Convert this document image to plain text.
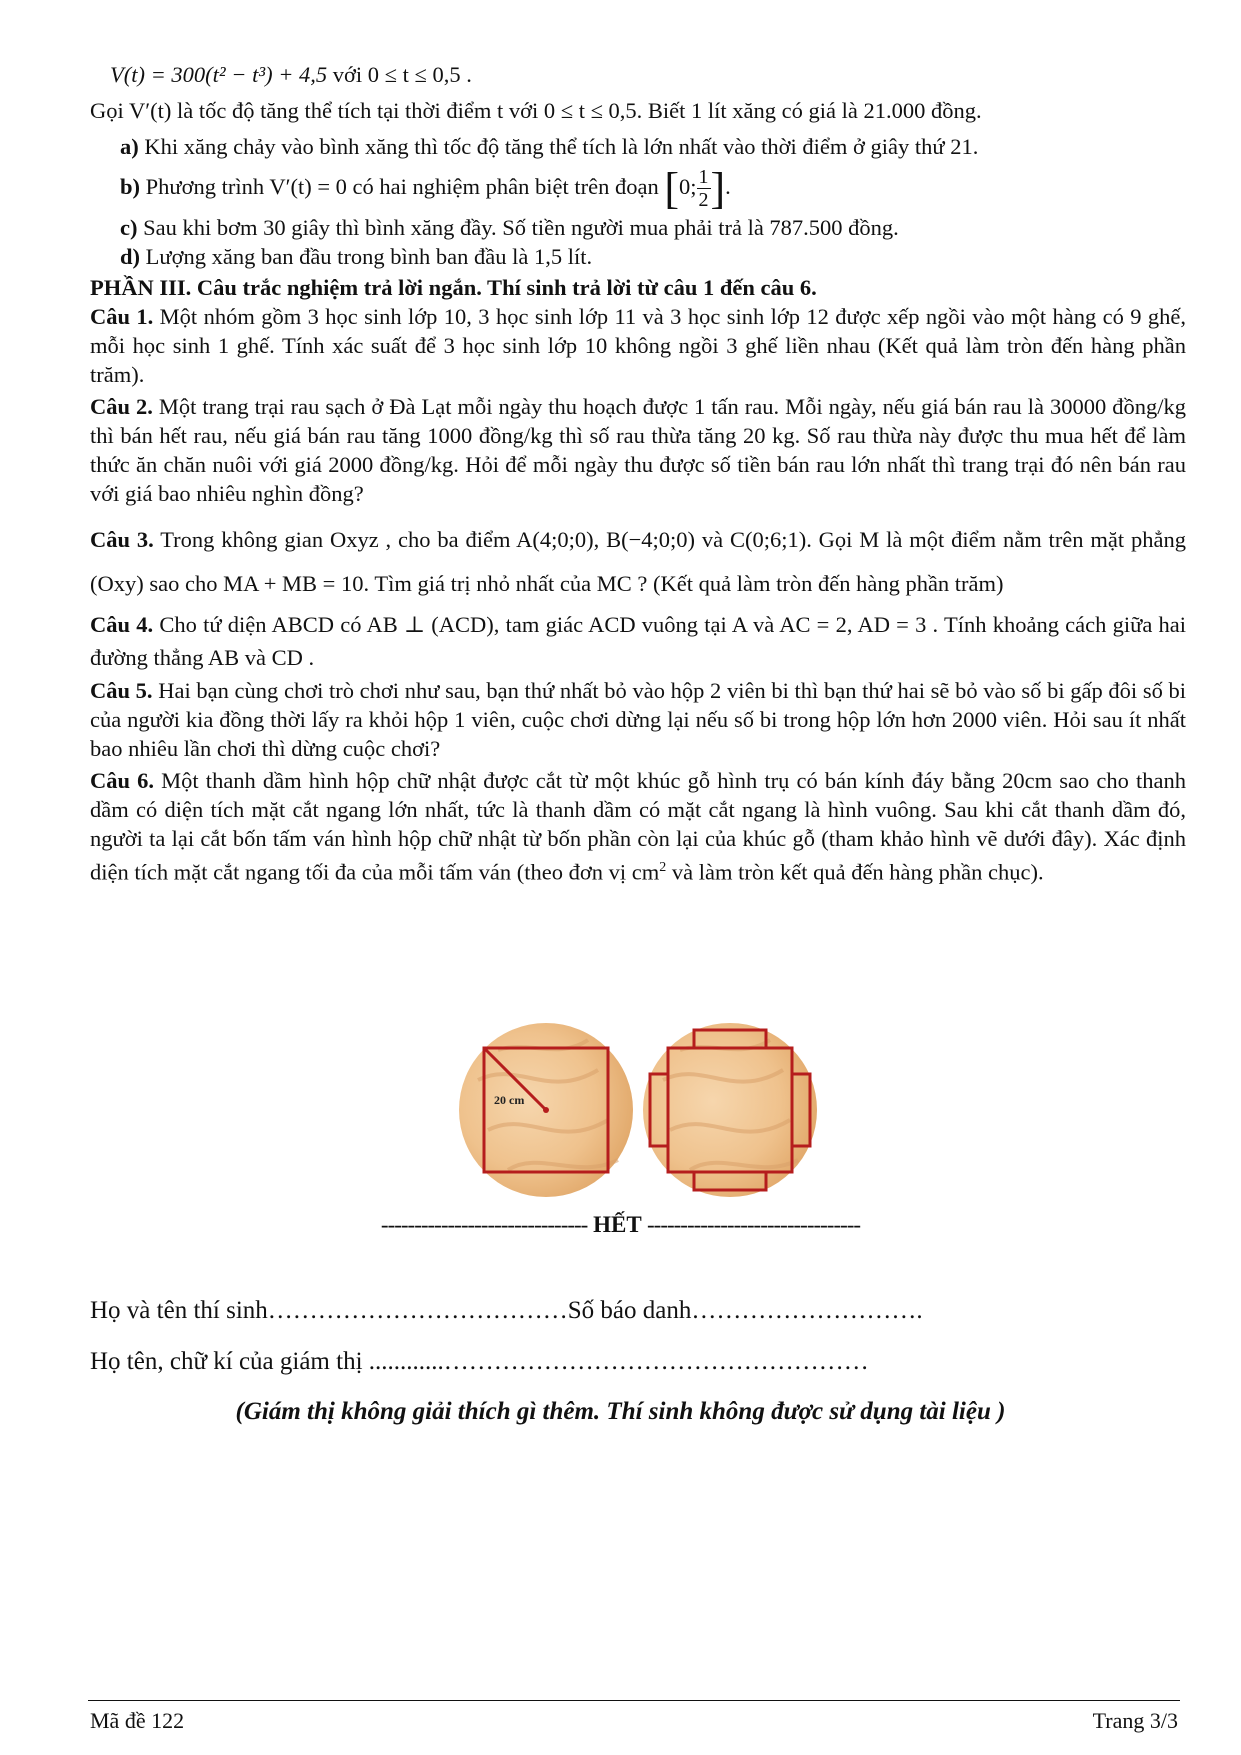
V(t) = 300(t² − t³) + 4,5 với 0 ≤ t ≤ 0,5 .
Gọi V′(t) là tốc độ tăng thể tích tại thời điểm t với 0 ≤ t ≤ 0,5. Biết 1 lít xăng có giá là 21.000 đồng.
a) Khi xăng chảy vào bình xăng thì tốc độ tăng thể tích là lớn nhất vào thời điểm ở giây thứ 21.
b) Phương trình V′(t) = 0 có hai nghiệm phân biệt trên đoạn [0; $\frac{1}{2}$ ].
c) Sau khi bơm 30 giây thì bình xăng đầy. Số tiền người mua phải trả là 787.500 đồng.
d) Lượng xăng ban đầu trong bình ban đầu là 1,5 lít.
PHẦN III. Câu trắc nghiệm trả lời ngắn. Thí sinh trả lời từ câu 1 đến câu 6.
Câu 1. Một nhóm gồm 3 học sinh lớp 10, 3 học sinh lớp 11 và 3 học sinh lớp 12 được xếp ngồi vào một hàng có 9 ghế, mỗi học sinh 1 ghế. Tính xác suất để 3 học sinh lớp 10 không ngồi 3 ghế liền nhau (Kết quả làm tròn đến hàng phần trăm).
Câu 2. Một trang trại rau sạch ở Đà Lạt mỗi ngày thu hoạch được 1 tấn rau. Mỗi ngày, nếu giá bán rau là 30000 đồng/kg thì bán hết rau, nếu giá bán rau tăng 1000 đồng/kg thì số rau thừa tăng 20 kg. Số rau thừa này được thu mua hết để làm thức ăn chăn nuôi với giá 2000 đồng/kg. Hỏi để mỗi ngày thu được số tiền bán rau lớn nhất thì trang trại đó nên bán rau với giá bao nhiêu nghìn đồng?
Câu 3. Trong không gian Oxyz , cho ba điểm A(4;0;0), B(−4;0;0) và C(0;6;1). Gọi M là một điểm nằm trên mặt phẳng (Oxy) sao cho MA + MB = 10. Tìm giá trị nhỏ nhất của MC ? (Kết quả làm tròn đến hàng phần trăm)
Câu 4. Cho tứ diện ABCD có AB ⊥ (ACD), tam giác ACD vuông tại A và AC = 2, AD = 3 . Tính khoảng cách giữa hai đường thẳng AB và CD .
Câu 5. Hai bạn cùng chơi trò chơi như sau, bạn thứ nhất bỏ vào hộp 2 viên bi thì bạn thứ hai sẽ bỏ vào số bi gấp đôi số bi của người kia đồng thời lấy ra khỏi hộp 1 viên, cuộc chơi dừng lại nếu số bi trong hộp lớn hơn 2000 viên. Hỏi sau ít nhất bao nhiêu lần chơi thì dừng cuộc chơi?
Câu 6. Một thanh dầm hình hộp chữ nhật được cắt từ một khúc gỗ hình trụ có bán kính đáy bằng 20cm sao cho thanh dầm có diện tích mặt cắt ngang lớn nhất, tức là thanh dầm có mặt cắt ngang là hình vuông. Sau khi cắt thanh dầm đó, người ta lại cắt bốn tấm ván hình hộp chữ nhật từ bốn phần còn lại của khúc gỗ (tham khảo hình vẽ dưới đây). Xác định diện tích mặt cắt ngang tối đa của mỗi tấm ván (theo đơn vị $cm^2$ và làm tròn kết quả đến hàng phần chục).
20 cm
------------------------------- HẾT --------------------------------
Họ và tên thí sinh………………………………Số báo danh……………………….
Họ tên, chữ kí của giám thị ............……………………………………………
(Giám thị không giải thích gì thêm. Thí sinh không được sử dụng tài liệu )
Mã đề 122	Trang 3/3
